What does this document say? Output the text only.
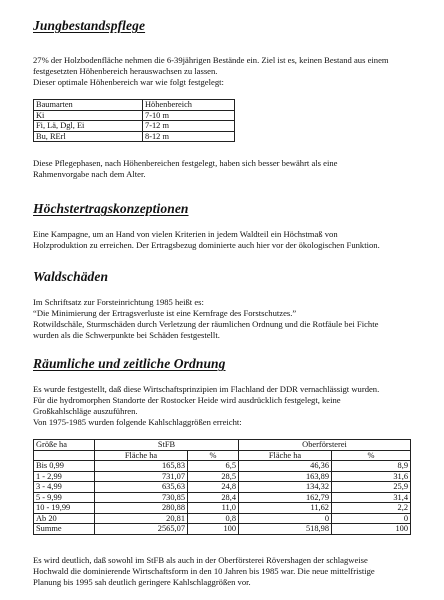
Jungbestandspflege
27% der Holzbodenfläche nehmen die 6-39jährigen Bestände ein. Ziel ist es, keinen Bestand aus einem
festgesetzten Höhenbereich herauswachsen zu lassen.
Dieser optimale Höhenbereich war wie folgt festgelegt:
Baumarten	Höhenbereich
Ki	7-10 m
Fi, Lä, Dgl, Ei	7-12 m
Bu, RErl	8-12 m
Diese Pflegephasen, nach Höhenbereichen festgelegt, haben sich besser bewährt als eine
Rahmenvorgabe nach dem Alter.
Höchstertragskonzeptionen
Eine Kampagne, um an Hand von vielen Kriterien in jedem Waldteil ein Höchstmaß von
Holzproduktion zu erreichen. Der Ertragsbezug dominierte auch hier vor der ökologischen Funktion.
Waldschäden
Im Schriftsatz zur Forsteinrichtung 1985 heißt es:
“Die Minimierung der Ertragsverluste ist eine Kernfrage des Forstschutzes.”
Rotwildschäle, Sturmschäden durch Verletzung der räumlichen Ordnung und die Rotfäule bei Fichte
wurden als die Schwerpunkte bei Schäden festgestellt.
Räumliche und zeitliche Ordnung
Es wurde festgestellt, daß diese Wirtschaftsprinzipien im Flachland der DDR vernachlässigt wurden.
Für die hydromorphen Standorte der Rostocker Heide wird ausdrücklich festgelegt, keine
Großkahlschläge auszuführen.
Von 1975-1985 wurden folgende Kahlschlaggrößen erreicht:
Größe ha	StFB		Oberförsterei	
	Fläche ha	%	Fläche ha	%
Bis 0,99	165,83	6,5	46,36	8,9
1 - 2,99	731,07	28,5	163,89	31,6
3 - 4,99	635,63	24,8	134,32	25,9
5 - 9,99	730,85	28,4	162,79	31,4
10 - 19,99	280,88	11,0	11,62	2,2
Ab 20	20,81	0,8	0	0
Summe	2565,07	100	518,98	100
Es wird deutlich, daß sowohl im StFB als auch in der Oberförsterei Rövershagen der schlagweise
Hochwald die dominierende Wirtschaftsform in den 10 Jahren bis 1985 war. Die neue mittelfristige
Planung bis 1995 sah deutlich geringere Kahlschlaggrößen vor.
